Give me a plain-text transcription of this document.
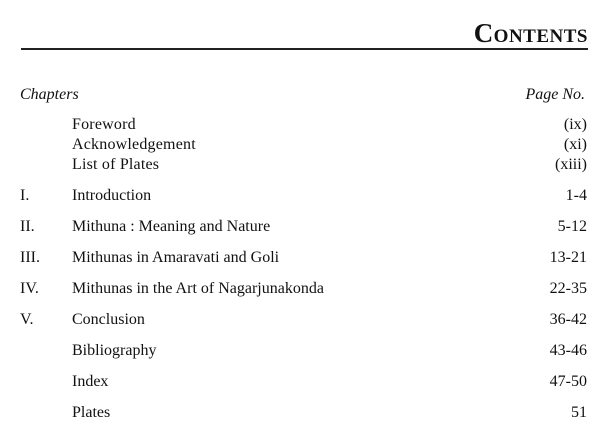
Contents
Chapters	Page No.
Foreword	(ix)
Acknowledgement	(xi)
List of Plates	(xiii)
I.	Introduction	1-4
II. Mithuna : Meaning and Nature	5-12
III. Mithunas in Amaravati and Goli	13-21
IV. Mithunas in the Art of Nagarjunakonda	22-35
V. Conclusion	36-42
Bibliography	43-46
Index	47-50
Plates	51
